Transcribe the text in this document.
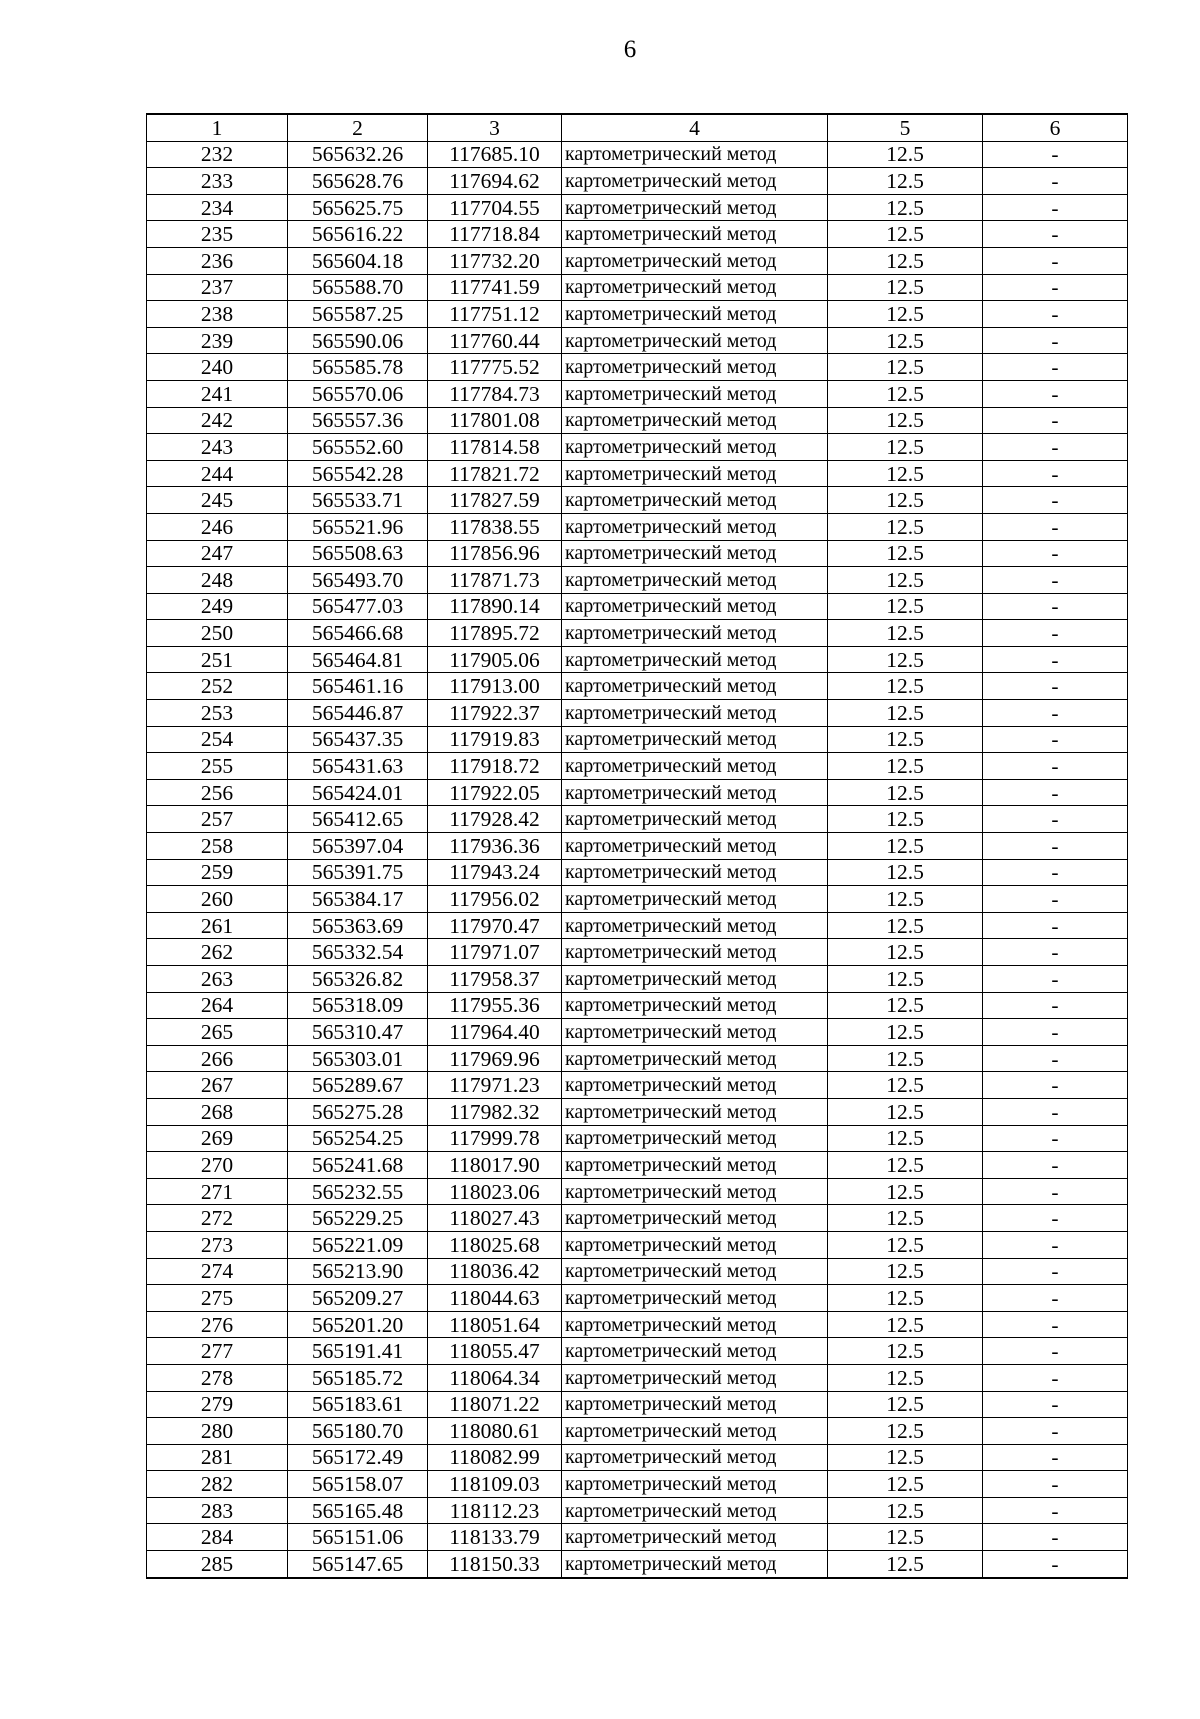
6
1	2	3	4	5	6
232	565632.26	117685.10	картометрический метод	12.5	-
233	565628.76	117694.62	картометрический метод	12.5	-
234	565625.75	117704.55	картометрический метод	12.5	-
235	565616.22	117718.84	картометрический метод	12.5	-
236	565604.18	117732.20	картометрический метод	12.5	-
237	565588.70	117741.59	картометрический метод	12.5	-
238	565587.25	117751.12	картометрический метод	12.5	-
239	565590.06	117760.44	картометрический метод	12.5	-
240	565585.78	117775.52	картометрический метод	12.5	-
241	565570.06	117784.73	картометрический метод	12.5	-
242	565557.36	117801.08	картометрический метод	12.5	-
243	565552.60	117814.58	картометрический метод	12.5	-
244	565542.28	117821.72	картометрический метод	12.5	-
245	565533.71	117827.59	картометрический метод	12.5	-
246	565521.96	117838.55	картометрический метод	12.5	-
247	565508.63	117856.96	картометрический метод	12.5	-
248	565493.70	117871.73	картометрический метод	12.5	-
249	565477.03	117890.14	картометрический метод	12.5	-
250	565466.68	117895.72	картометрический метод	12.5	-
251	565464.81	117905.06	картометрический метод	12.5	-
252	565461.16	117913.00	картометрический метод	12.5	-
253	565446.87	117922.37	картометрический метод	12.5	-
254	565437.35	117919.83	картометрический метод	12.5	-
255	565431.63	117918.72	картометрический метод	12.5	-
256	565424.01	117922.05	картометрический метод	12.5	-
257	565412.65	117928.42	картометрический метод	12.5	-
258	565397.04	117936.36	картометрический метод	12.5	-
259	565391.75	117943.24	картометрический метод	12.5	-
260	565384.17	117956.02	картометрический метод	12.5	-
261	565363.69	117970.47	картометрический метод	12.5	-
262	565332.54	117971.07	картометрический метод	12.5	-
263	565326.82	117958.37	картометрический метод	12.5	-
264	565318.09	117955.36	картометрический метод	12.5	-
265	565310.47	117964.40	картометрический метод	12.5	-
266	565303.01	117969.96	картометрический метод	12.5	-
267	565289.67	117971.23	картометрический метод	12.5	-
268	565275.28	117982.32	картометрический метод	12.5	-
269	565254.25	117999.78	картометрический метод	12.5	-
270	565241.68	118017.90	картометрический метод	12.5	-
271	565232.55	118023.06	картометрический метод	12.5	-
272	565229.25	118027.43	картометрический метод	12.5	-
273	565221.09	118025.68	картометрический метод	12.5	-
274	565213.90	118036.42	картометрический метод	12.5	-
275	565209.27	118044.63	картометрический метод	12.5	-
276	565201.20	118051.64	картометрический метод	12.5	-
277	565191.41	118055.47	картометрический метод	12.5	-
278	565185.72	118064.34	картометрический метод	12.5	-
279	565183.61	118071.22	картометрический метод	12.5	-
280	565180.70	118080.61	картометрический метод	12.5	-
281	565172.49	118082.99	картометрический метод	12.5	-
282	565158.07	118109.03	картометрический метод	12.5	-
283	565165.48	118112.23	картометрический метод	12.5	-
284	565151.06	118133.79	картометрический метод	12.5	-
285	565147.65	118150.33	картометрический метод	12.5	-
